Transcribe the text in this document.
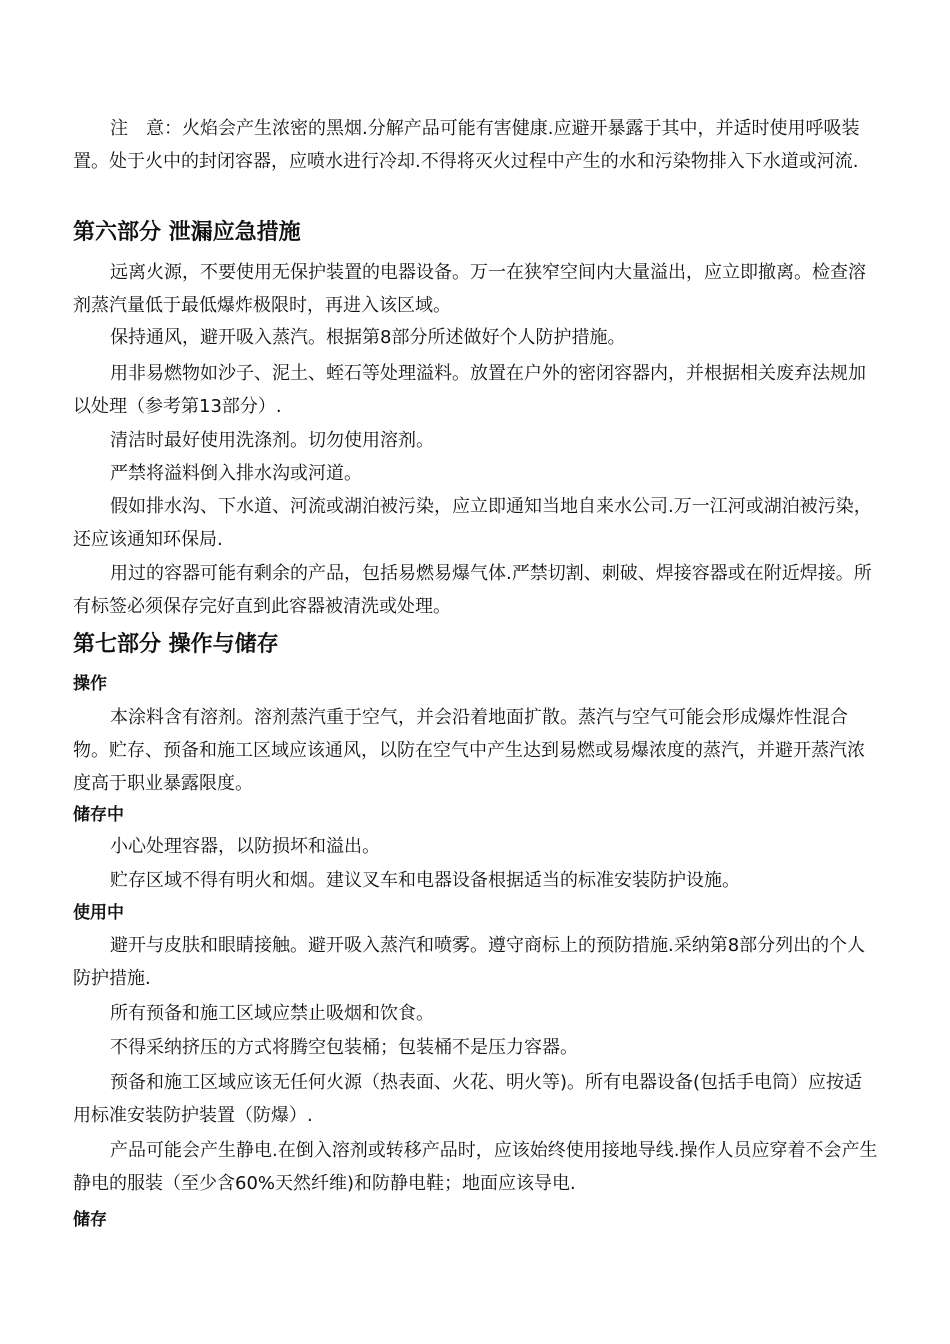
注　意：火焰会产生浓密的黑烟.分解产品可能有害健康.应避开暴露于其中，并适时使用呼吸装置。处于火中的封闭容器，应喷水进行冷却.不得将灭火过程中产生的水和污染物排入下水道或河流.
第六部分 泄漏应急措施
远离火源，不要使用无保护装置的电器设备。万一在狭窄空间内大量溢出，应立即撤离。检查溶剂蒸汽量低于最低爆炸极限时，再进入该区域。
保持通风，避开吸入蒸汽。根据第8部分所述做好个人防护措施。
用非易燃物如沙子、泥土、蛭石等处理溢料。放置在户外的密闭容器内，并根据相关废弃法规加以处理（参考第13部分）.
清洁时最好使用洗涤剂。切勿使用溶剂。
严禁将溢料倒入排水沟或河道。
假如排水沟、下水道、河流或湖泊被污染，应立即通知当地自来水公司.万一江河或湖泊被污染，还应该通知环保局.
用过的容器可能有剩余的产品，包括易燃易爆气体.严禁切割、刺破、焊接容器或在附近焊接。所有标签必须保存完好直到此容器被清洗或处理。
第七部分 操作与储存
操作
本涂料含有溶剂。溶剂蒸汽重于空气，并会沿着地面扩散。蒸汽与空气可能会形成爆炸性混合物。贮存、预备和施工区域应该通风，以防在空气中产生达到易燃或易爆浓度的蒸汽，并避开蒸汽浓度高于职业暴露限度。
储存中
小心处理容器，以防损坏和溢出。
贮存区域不得有明火和烟。建议叉车和电器设备根据适当的标准安装防护设施。
使用中
避开与皮肤和眼睛接触。避开吸入蒸汽和喷雾。遵守商标上的预防措施.采纳第8部分列出的个人防护措施.
所有预备和施工区域应禁止吸烟和饮食。
不得采纳挤压的方式将腾空包装桶；包装桶不是压力容器。
预备和施工区域应该无任何火源（热表面、火花、明火等)。所有电器设备(包括手电筒）应按适用标准安装防护装置（防爆）.
产品可能会产生静电.在倒入溶剂或转移产品时，应该始终使用接地导线.操作人员应穿着不会产生静电的服装（至少含60%天然纤维)和防静电鞋；地面应该导电.
储存
